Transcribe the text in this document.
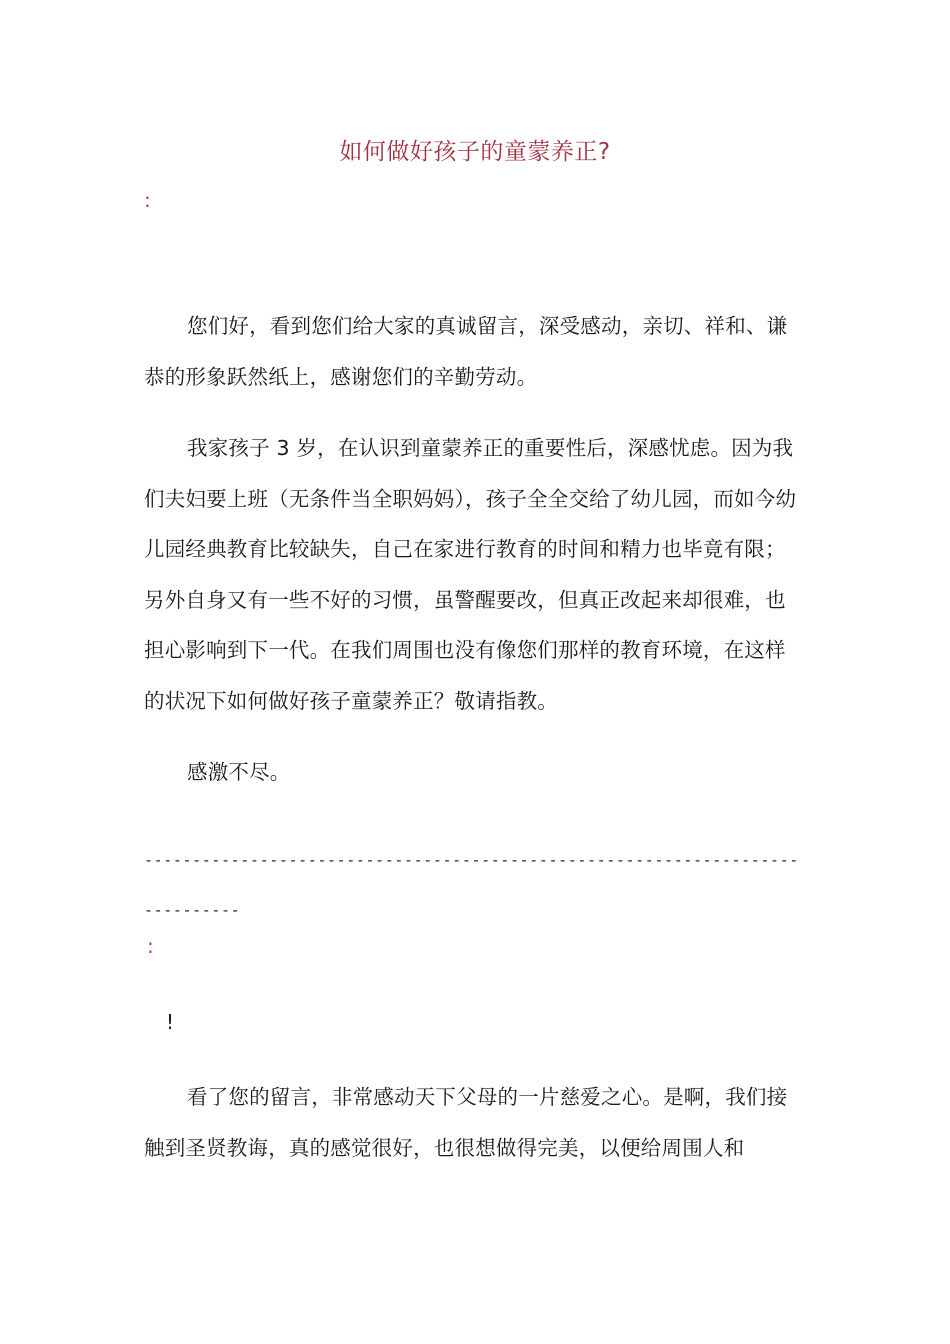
如何做好孩子的童蒙养正?
:

您们好，看到您们给大家的真诚留言，深受感动，亲切、祥和、谦恭的形象跃然纸上，感谢您们的辛勤劳动。

我家孩子 3 岁，在认识到童蒙养正的重要性后，深感忧虑。因为我们夫妇要上班（无条件当全职妈妈），孩子全全交给了幼儿园，而如今幼儿园经典教育比较缺失，自己在家进行教育的时间和精力也毕竟有限；另外自身又有一些不好的习惯，虽警醒要改，但真正改起来却很难，也担心影响到下一代。在我们周围也没有像您们那样的教育环境，在这样的状况下如何做好孩子童蒙养正？敬请指教。

感激不尽。

------------------------------------------------------------------------------
:
!

看了您的留言，非常感动天下父母的一片慈爱之心。是啊，我们接触到圣贤教诲，真的感觉很好，也很想做得完美，以便给周围人和
